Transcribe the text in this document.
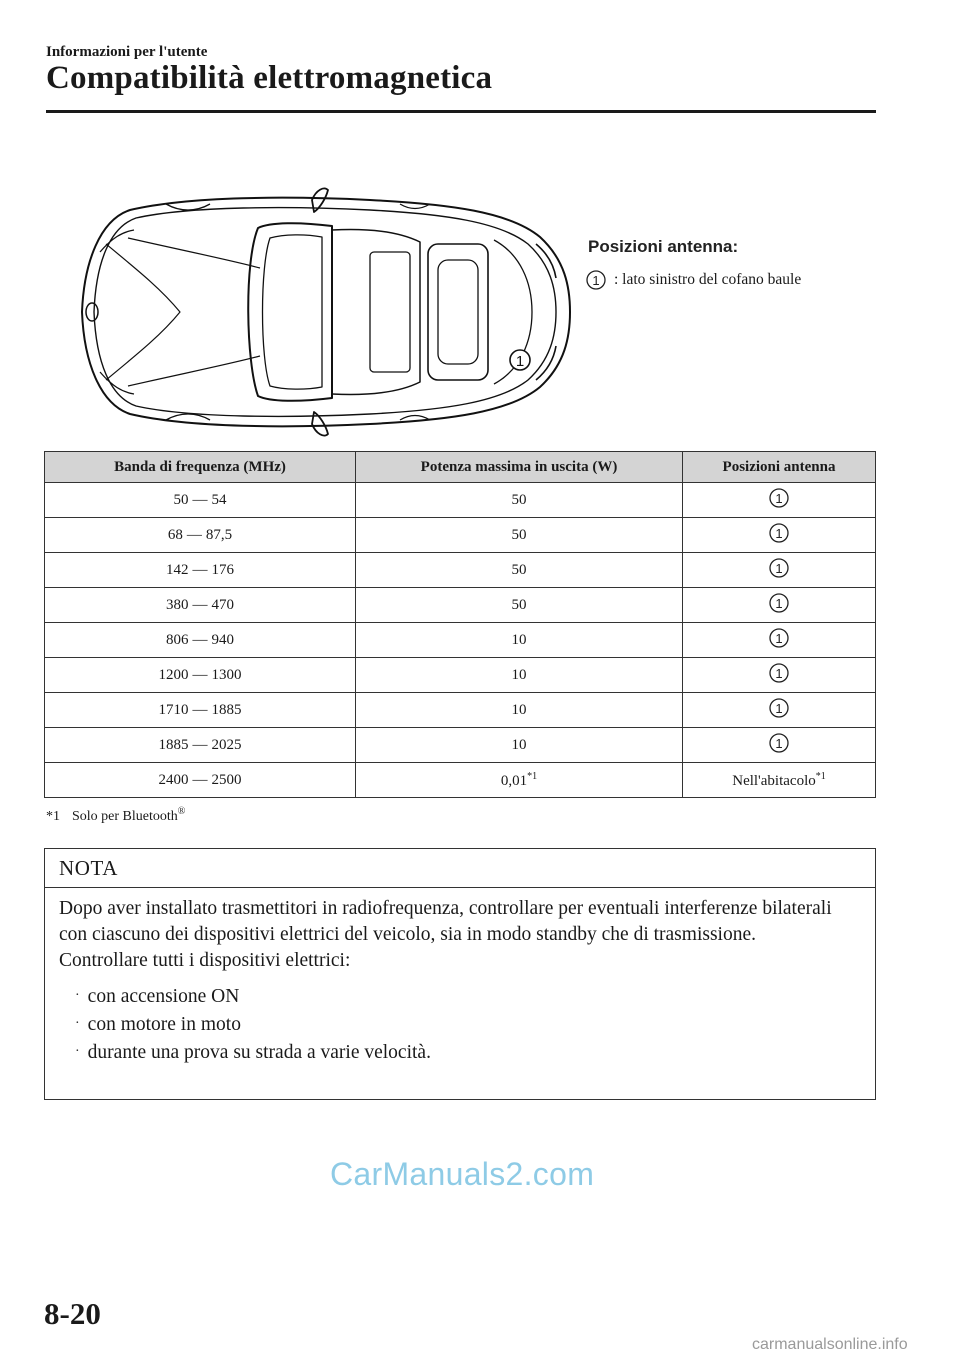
Informazioni per l'utente
Compatibilità elettromagnetica
1
Posizioni antenna:
1 : lato sinistro del cofano baule
Banda di frequenza (MHz)	Potenza massima in uscita (W)	Posizioni antenna
50 — 54	50	1

68 — 87,5	50	1

142 — 176	50	1

380 — 470	50	1

806 — 940	10	1

1200 — 1300	10	1

1710 — 1885	10	1

1885 — 2025	10	1

2400 — 2500	0,01$^{*1}$	Nell'abitacolo$^{*1}$
*1 Solo per Bluetooth®
NOTA

Dopo aver installato trasmettitori in radiofrequenza, controllare per eventuali interferenze bilaterali con ciascuno dei dispositivi elettrici del veicolo, sia in modo standby che di trasmissione.

Controllare tutti i dispositivi elettrici:

· con accensione ON
· con motore in moto
· durante una prova su strada a varie velocità.
CarManuals2.com
8-20
carmanualsonline.info
